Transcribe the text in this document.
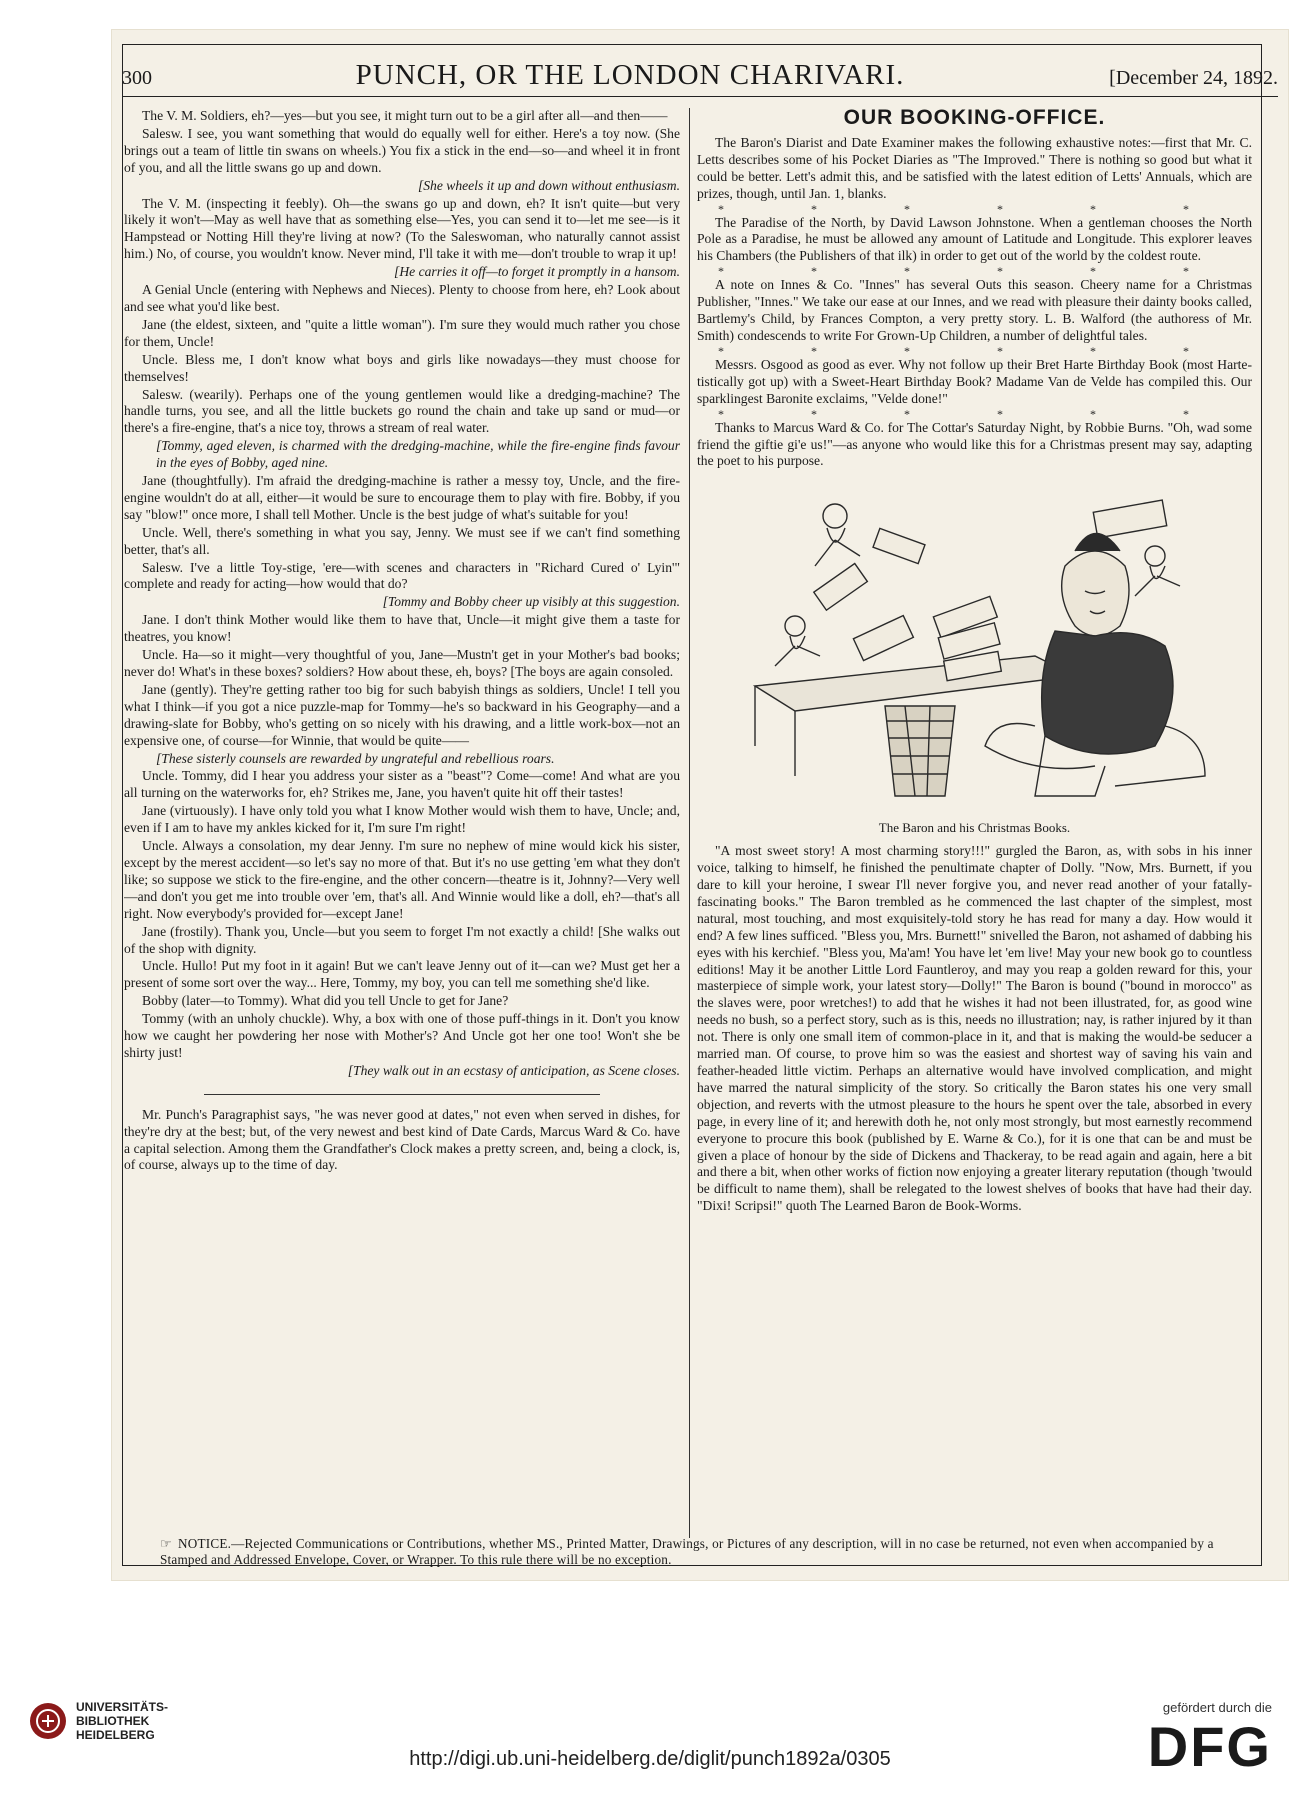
300	PUNCH, OR THE LONDON CHARIVARI.	[December 24, 1892.

The V. M. Soldiers, eh?—yes—but you see, it might turn out to be a girl after all—and then——

Salesw. I see, you want something that would do equally well for either. Here's a toy now. (She brings out a team of little tin swans on wheels.) You fix a stick in the end—so—and wheel it in front of you, and all the little swans go up and down.

[She wheels it up and down without enthusiasm.

The V. M. (inspecting it feebly). Oh—the swans go up and down, eh? It isn't quite—but very likely it won't—May as well have that as something else—Yes, you can send it to—let me see—is it Hampstead or Notting Hill they're living at now? (To the Saleswoman, who naturally cannot assist him.) No, of course, you wouldn't know. Never mind, I'll take it with me—don't trouble to wrap it up!

[He carries it off—to forget it promptly in a hansom.

A Genial Uncle (entering with Nephews and Nieces). Plenty to choose from here, eh? Look about and see what you'd like best.

Jane (the eldest, sixteen, and "quite a little woman"). I'm sure they would much rather you chose for them, Uncle!

Uncle. Bless me, I don't know what boys and girls like nowadays—they must choose for themselves!

Salesw. (wearily). Perhaps one of the young gentlemen would like a dredging-machine? The handle turns, you see, and all the little buckets go round the chain and take up sand or mud—or there's a fire-engine, that's a nice toy, throws a stream of real water.

[Tommy, aged eleven, is charmed with the dredging-machine, while the fire-engine finds favour in the eyes of Bobby, aged nine.

Jane (thoughtfully). I'm afraid the dredging-machine is rather a messy toy, Uncle, and the fire-engine wouldn't do at all, either—it would be sure to encourage them to play with fire. Bobby, if you say "blow!" once more, I shall tell Mother. Uncle is the best judge of what's suitable for you!

Uncle. Well, there's something in what you say, Jenny. We must see if we can't find something better, that's all.

Salesw. I've a little Toy-stige, 'ere—with scenes and characters in "Richard Cured o' Lyin'" complete and ready for acting—how would that do?

[Tommy and Bobby cheer up visibly at this suggestion.

Jane. I don't think Mother would like them to have that, Uncle—it might give them a taste for theatres, you know!

Uncle. Ha—so it might—very thoughtful of you, Jane—Mustn't get in your Mother's bad books; never do! What's in these boxes? soldiers? How about these, eh, boys? [The boys are again consoled.

Jane (gently). They're getting rather too big for such babyish things as soldiers, Uncle! I tell you what I think—if you got a nice puzzle-map for Tommy—he's so backward in his Geography—and a drawing-slate for Bobby, who's getting on so nicely with his drawing, and a little work-box—not an expensive one, of course—for Winnie, that would be quite——

[These sisterly counsels are rewarded by ungrateful and rebellious roars.

Uncle. Tommy, did I hear you address your sister as a "beast"? Come—come! And what are you all turning on the waterworks for, eh? Strikes me, Jane, you haven't quite hit off their tastes!

Jane (virtuously). I have only told you what I know Mother would wish them to have, Uncle; and, even if I am to have my ankles kicked for it, I'm sure I'm right!

Uncle. Always a consolation, my dear Jenny. I'm sure no nephew of mine would kick his sister, except by the merest accident—so let's say no more of that. But it's no use getting 'em what they don't like; so suppose we stick to the fire-engine, and the other concern—theatre is it, Johnny?—Very well—and don't you get me into trouble over 'em, that's all. And Winnie would like a doll, eh?—that's all right. Now everybody's provided for—except Jane!

Jane (frostily). Thank you, Uncle—but you seem to forget I'm not exactly a child! [She walks out of the shop with dignity.

Uncle. Hullo! Put my foot in it again! But we can't leave Jenny out of it—can we? Must get her a present of some sort over the way... Here, Tommy, my boy, you can tell me something she'd like.

Bobby (later—to Tommy). What did you tell Uncle to get for Jane?

Tommy (with an unholy chuckle). Why, a box with one of those puff-things in it. Don't you know how we caught her powdering her nose with Mother's? And Uncle got her one too! Won't she be shirty just!

[They walk out in an ecstasy of anticipation, as Scene closes.

Mr. Punch's Paragraphist says, "he was never good at dates," not even when served in dishes, for they're dry at the best; but, of the very newest and best kind of Date Cards, Marcus Ward & Co. have a capital selection. Among them the Grandfather's Clock makes a pretty screen, and, being a clock, is, of course, always up to the time of day.

OUR BOOKING-OFFICE.

The Baron's Diarist and Date Examiner makes the following exhaustive notes:—first that Mr. C. Letts describes some of his Pocket Diaries as "The Improved." There is nothing so good but what it could be better. Lett's admit this, and be satisfied with the latest edition of Letts' Annuals, which are prizes, though, until Jan. 1, blanks.

* * * * * *

The Paradise of the North, by David Lawson Johnstone. When a gentleman chooses the North Pole as a Paradise, he must be allowed any amount of Latitude and Longitude. This explorer leaves his Chambers (the Publishers of that ilk) in order to get out of the world by the coldest route.

* * * * * *

A note on Innes & Co. "Innes" has several Outs this season. Cheery name for a Christmas Publisher, "Innes." We take our ease at our Innes, and we read with pleasure their dainty books called, Bartlemy's Child, by Frances Compton, a very pretty story. L. B. Walford (the authoress of Mr. Smith) condescends to write For Grown-Up Children, a number of delightful tales.

* * * * * *

Messrs. Osgood as good as ever. Why not follow up their Bret Harte Birthday Book (most Harte-tistically got up) with a Sweet-Heart Birthday Book? Madame Van de Velde has compiled this. Our sparklingest Baronite exclaims, "Velde done!"

* * * * * *

Thanks to Marcus Ward & Co. for The Cottar's Saturday Night, by Robbie Burns. "Oh, wad some friend the giftie gi'e us!"—as anyone who would like this for a Christmas present may say, adapting the poet to his purpose.

The Baron and his Christmas Books.

"A most sweet story! A most charming story!!!" gurgled the Baron, as, with sobs in his inner voice, talking to himself, he finished the penultimate chapter of Dolly. "Now, Mrs. Burnett, if you dare to kill your heroine, I swear I'll never forgive you, and never read another of your fatally-fascinating books." The Baron trembled as he commenced the last chapter of the simplest, most natural, most touching, and most exquisitely-told story he has read for many a day. How would it end? A few lines sufficed. "Bless you, Mrs. Burnett!" snivelled the Baron, not ashamed of dabbing his eyes with his kerchief. "Bless you, Ma'am! You have let 'em live! May your new book go to countless editions! May it be another Little Lord Fauntleroy, and may you reap a golden reward for this, your masterpiece of simple work, your latest story—Dolly!" The Baron is bound ("bound in morocco" as the slaves were, poor wretches!) to add that he wishes it had not been illustrated, for, as good wine needs no bush, so a perfect story, such as is this, needs no illustration; nay, is rather injured by it than not. There is only one small item of common-place in it, and that is making the would-be seducer a married man. Of course, to prove him so was the easiest and shortest way of saving his vain and feather-headed little victim. Perhaps an alternative would have involved complication, and might have marred the natural simplicity of the story. So critically the Baron states his one very small objection, and reverts with the utmost pleasure to the hours he spent over the tale, absorbed in every page, in every line of it; and herewith doth he, not only most strongly, but most earnestly recommend everyone to procure this book (published by E. Warne & Co.), for it is one that can be and must be given a place of honour by the side of Dickens and Thackeray, to be read again and again, here a bit and there a bit, when other works of fiction now enjoying a greater literary reputation (though 'twould be difficult to name them), shall be relegated to the lowest shelves of books that have had their day. "Dixi! Scripsi!" quoth The Learned Baron de Book-Worms.

☞ NOTICE.—Rejected Communications or Contributions, whether MS., Printed Matter, Drawings, or Pictures of any description, will in no case be returned, not even when accompanied by a Stamped and Addressed Envelope, Cover, or Wrapper. To this rule there will be no exception.
UNIVERSITÄTS-
BIBLIOTHEK
HEIDELBERG
http://digi.ub.uni-heidelberg.de/diglit/punch1892a/0305
gefördert durch die
DFG
